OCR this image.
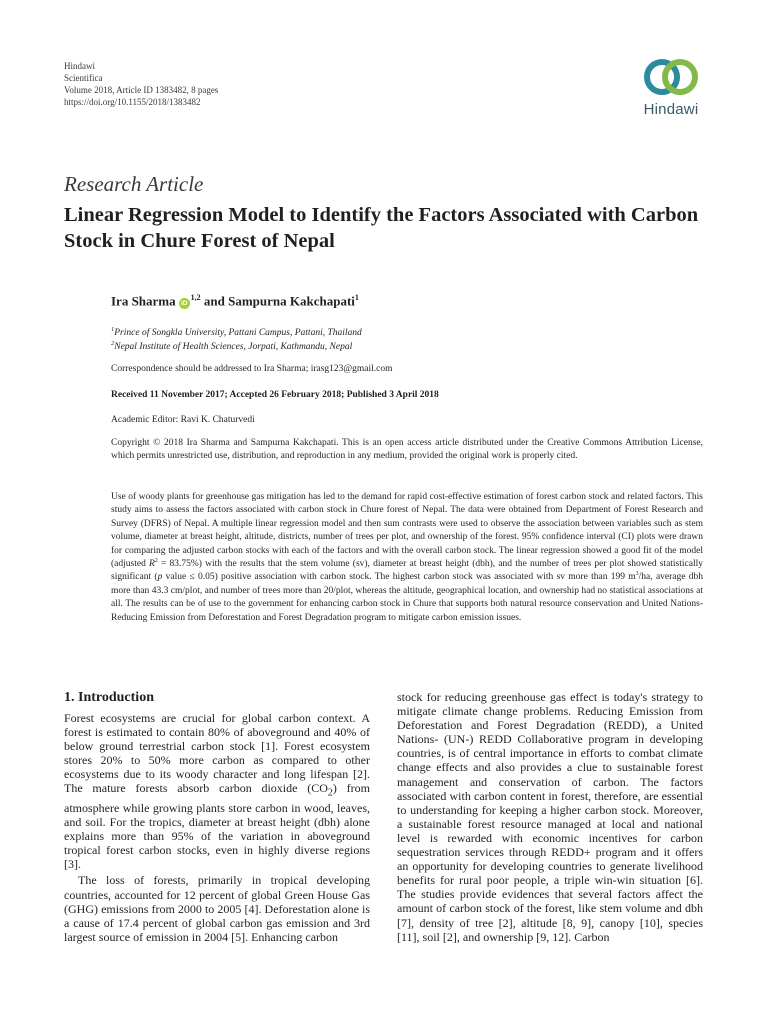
Hindawi
Scientifica
Volume 2018, Article ID 1383482, 8 pages
https://doi.org/10.1155/2018/1383482	Hindawi
Research Article
Linear Regression Model to Identify the Factors Associated with Carbon Stock in Chure Forest of Nepal
Ira Sharma iD$^{1,2}$ and Sampurna Kakchapati$^1$
$^1$Prince of Songkla University, Pattani Campus, Pattani, Thailand
$^2$Nepal Institute of Health Sciences, Jorpati, Kathmandu, Nepal
Correspondence should be addressed to Ira Sharma; irasg123@gmail.com
Received 11 November 2017; Accepted 26 February 2018; Published 3 April 2018
Academic Editor: Ravi K. Chaturvedi
Copyright © 2018 Ira Sharma and Sampurna Kakchapati. This is an open access article distributed under the Creative Commons Attribution License, which permits unrestricted use, distribution, and reproduction in any medium, provided the original work is properly cited.
Use of woody plants for greenhouse gas mitigation has led to the demand for rapid cost-effective estimation of forest carbon stock and related factors. This study aims to assess the factors associated with carbon stock in Chure forest of Nepal. The data were obtained from Department of Forest Research and Survey (DFRS) of Nepal. A multiple linear regression model and then sum contrasts were used to observe the association between variables such as stem volume, diameter at breast height, altitude, districts, number of trees per plot, and ownership of the forest. 95% confidence interval (CI) plots were drawn for comparing the adjusted carbon stocks with each of the factors and with the overall carbon stock. The linear regression showed a good fit of the model (adjusted $R^2 = 83.75\%$) with the results that the stem volume (sv), diameter at breast height (dbh), and the number of trees per plot showed statistically significant (p value ≤ 0.05) positive association with carbon stock. The highest carbon stock was associated with sv more than 199 $m^3/ha$, average dbh more than 43.3 cm/plot, and number of trees more than 20/plot, whereas the altitude, geographical location, and ownership had no statistical associations at all. The results can be of use to the government for enhancing carbon stock in Chure that supports both natural resource conservation and United Nations-Reducing Emission from Deforestation and Forest Degradation program to mitigate carbon emission issues.
1. Introduction

Forest ecosystems are crucial for global carbon context. A forest is estimated to contain 80% of aboveground and 40% of below ground terrestrial carbon stock [1]. Forest ecosystem stores 20% to 50% more carbon as compared to other ecosystems due to its woody character and long lifespan [2]. The mature forests absorb carbon dioxide $(CO_2)$ from atmosphere while growing plants store carbon in wood, leaves, and soil. For the tropics, diameter at breast height (dbh) alone explains more than 95% of the variation in aboveground tropical forest carbon stocks, even in highly diverse regions [3].

The loss of forests, primarily in tropical developing countries, accounted for 12 percent of global Green House Gas (GHG) emissions from 2000 to 2005 [4]. Deforestation alone is a cause of 17.4 percent of global carbon gas emission and 3rd largest source of emission in 2004 [5]. Enhancing carbon

stock for reducing greenhouse gas effect is today's strategy to mitigate climate change problems. Reducing Emission from Deforestation and Forest Degradation (REDD), a United Nations- (UN-) REDD Collaborative program in developing countries, is of central importance in efforts to combat climate change effects and also provides a clue to sustainable forest management and conservation of carbon. The factors associated with carbon content in forest, therefore, are essential to understanding for keeping a higher carbon stock. Moreover, a sustainable forest resource managed at local and national level is rewarded with economic incentives for carbon sequestration services through REDD+ program and it offers an opportunity for developing countries to generate livelihood benefits for rural poor people, a triple win-win situation [6]. The studies provide evidences that several factors affect the amount of carbon stock of the forest, like stem volume and dbh [7], density of tree [2], altitude [8, 9], canopy [10], species [11], soil [2], and ownership [9, 12]. Carbon
